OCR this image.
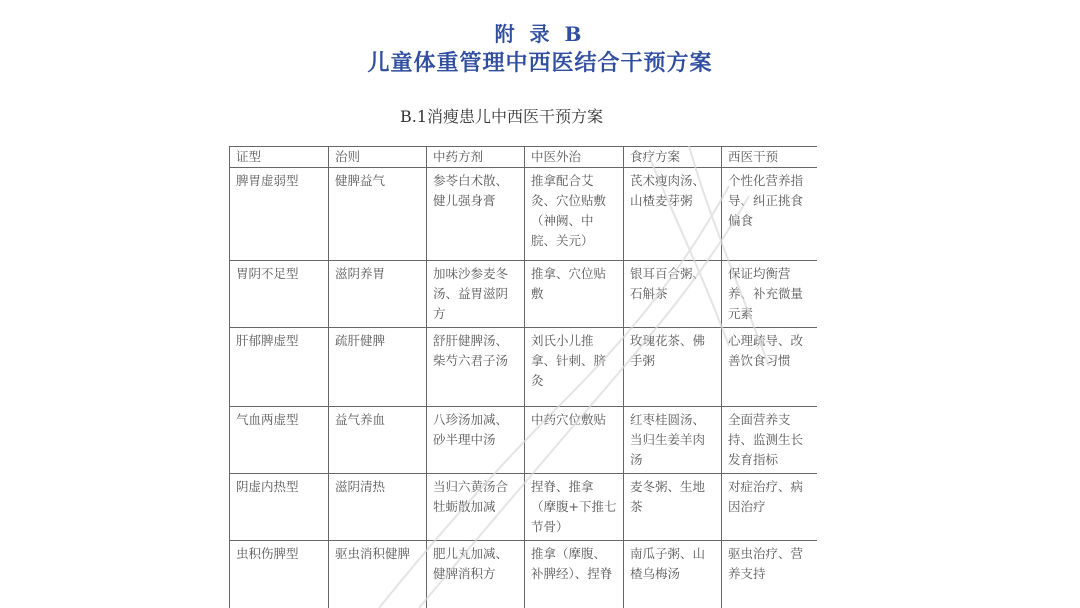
附 录 B
儿童体重管理中西医结合干预方案
B.1消瘦患儿中西医干预方案
证型	治则	中药方剂	中医外治	食疗方案	西医干预
脾胃虚弱型	健脾益气	参苓白术散、健儿强身膏	推拿配合艾灸、穴位贴敷（神阙、中脘、关元）	芪术瘦肉汤、山楂麦芽粥	个性化营养指导、纠正挑食偏食
胃阴不足型	滋阴养胃	加味沙参麦冬汤、益胃滋阴方	推拿、穴位贴敷	银耳百合粥、石斛茶	保证均衡营养、补充微量元素
肝郁脾虚型	疏肝健脾	舒肝健脾汤、柴芍六君子汤	刘氏小儿推拿、针刺、脐灸	玫瑰花茶、佛手粥	心理疏导、改善饮食习惯
气血两虚型	益气养血	八珍汤加减、砂半理中汤	中药穴位敷贴	红枣桂圆汤、当归生姜羊肉汤	全面营养支持、监测生长发育指标
阴虚内热型	滋阴清热	当归六黄汤合牡蛎散加减	捏脊、推拿（摩腹+下推七节骨）	麦冬粥、生地茶	对症治疗、病因治疗
虫积伤脾型	驱虫消积健脾	肥儿丸加减、健脾消积方	推拿（摩腹、补脾经）、捏脊	南瓜子粥、山楂乌梅汤	驱虫治疗、营养支持
